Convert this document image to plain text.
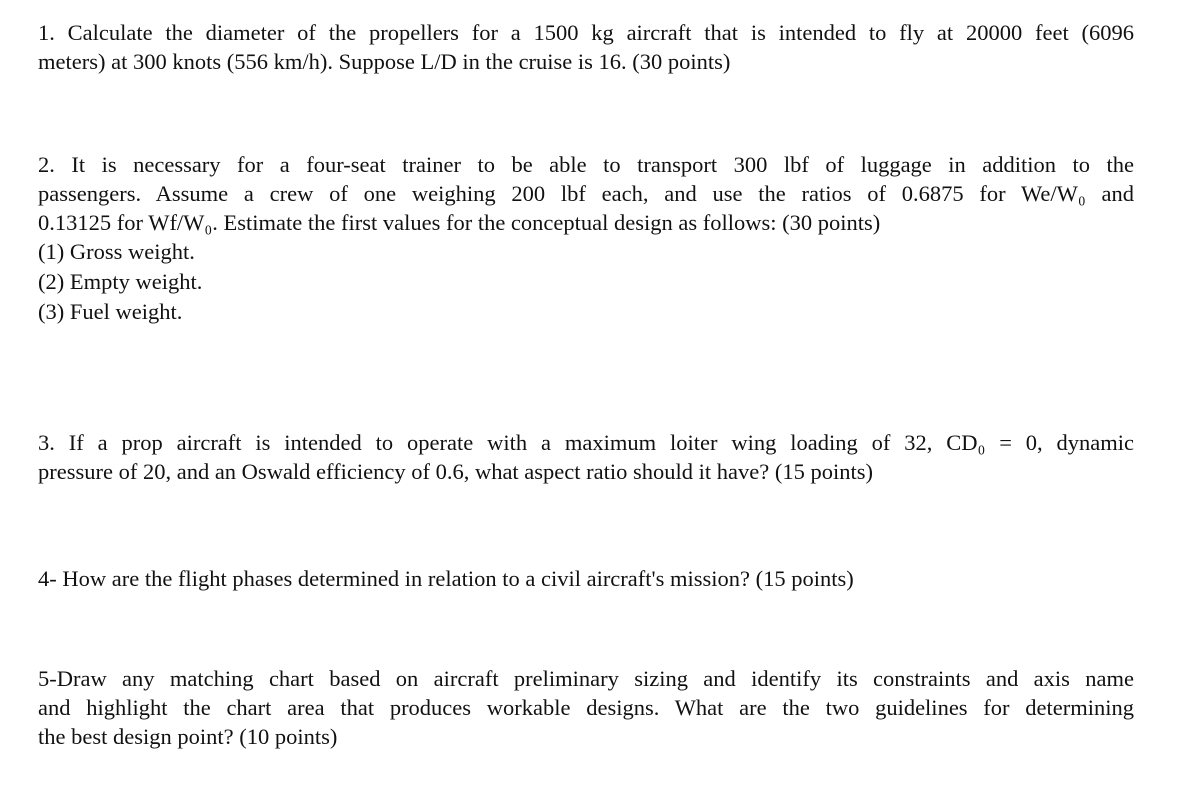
1. Calculate the diameter of the propellers for a 1500 kg aircraft that is intended to fly at 20000 feet (6096
meters) at 300 knots (556 km/h). Suppose L/D in the cruise is 16. (30 points)
2. It is necessary for a four-seat trainer to be able to transport 300 lbf of luggage in addition to the
passengers. Assume a crew of one weighing 200 lbf each, and use the ratios of 0.6875 for We/W₀ and
0.13125 for Wf/W₀. Estimate the first values for the conceptual design as follows: (30 points)
(1) Gross weight.
(2) Empty weight.
(3) Fuel weight.
3. If a prop aircraft is intended to operate with a maximum loiter wing loading of 32, CD₀ = 0, dynamic
pressure of 20, and an Oswald efficiency of 0.6, what aspect ratio should it have? (15 points)
4- How are the flight phases determined in relation to a civil aircraft's mission? (15 points)
5-Draw any matching chart based on aircraft preliminary sizing and identify its constraints and axis name
and highlight the chart area that produces workable designs. What are the two guidelines for determining
the best design point? (10 points)
